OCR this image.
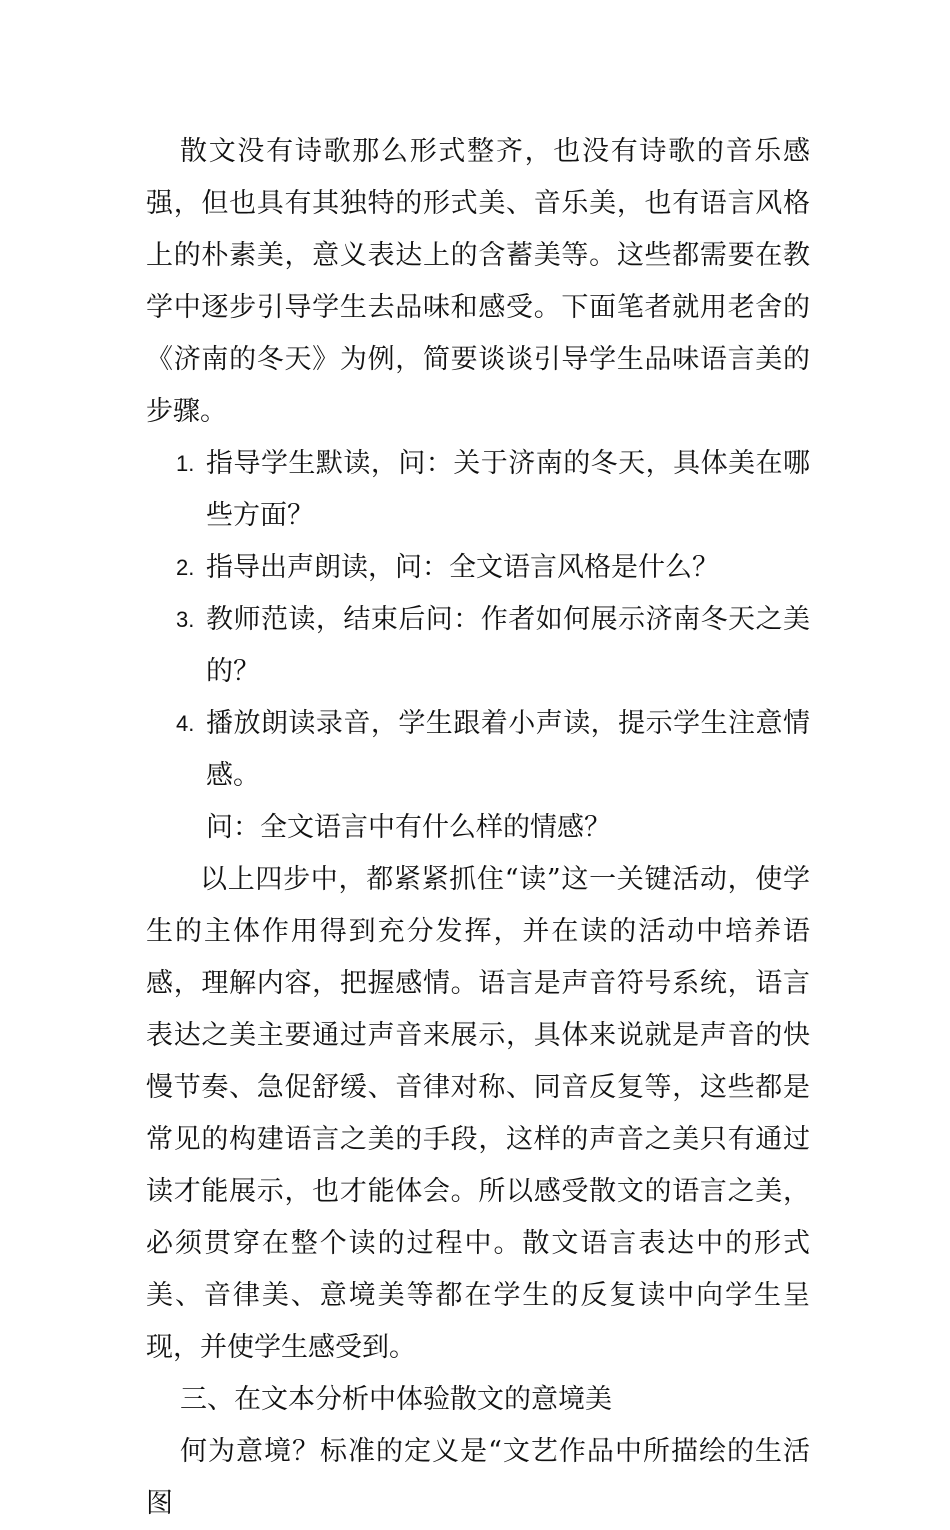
散文没有诗歌那么形式整齐，也没有诗歌的音乐感强，但也具有其独特的形式美、音乐美，也有语言风格上的朴素美，意义表达上的含蓄美等。这些都需要在教学中逐步引导学生去品味和感受。下面笔者就用老舍的《济南的冬天》为例，简要谈谈引导学生品味语言美的步骤。

1. 指导学生默读，问：关于济南的冬天，具体美在哪些方面？
2. 指导出声朗读，问：全文语言风格是什么？
3. 教师范读，结束后问：作者如何展示济南冬天之美的？
4. 播放朗读录音，学生跟着小声读，提示学生注意情感。

问：全文语言中有什么样的情感？

以上四步中，都紧紧抓住“读”这一关键活动，使学生的主体作用得到充分发挥，并在读的活动中培养语感，理解内容，把握感情。语言是声音符号系统，语言表达之美主要通过声音来展示，具体来说就是声音的快慢节奏、急促舒缓、音律对称、同音反复等，这些都是常见的构建语言之美的手段，这样的声音之美只有通过读才能展示，也才能体会。所以感受散文的语言之美，必须贯穿在整个读的过程中。散文语言表达中的形式美、音律美、意境美等都在学生的反复读中向学生呈现，并使学生感受到。

三、在文本分析中体验散文的意境美

何为意境？标准的定义是“文艺作品中所描绘的生活图
